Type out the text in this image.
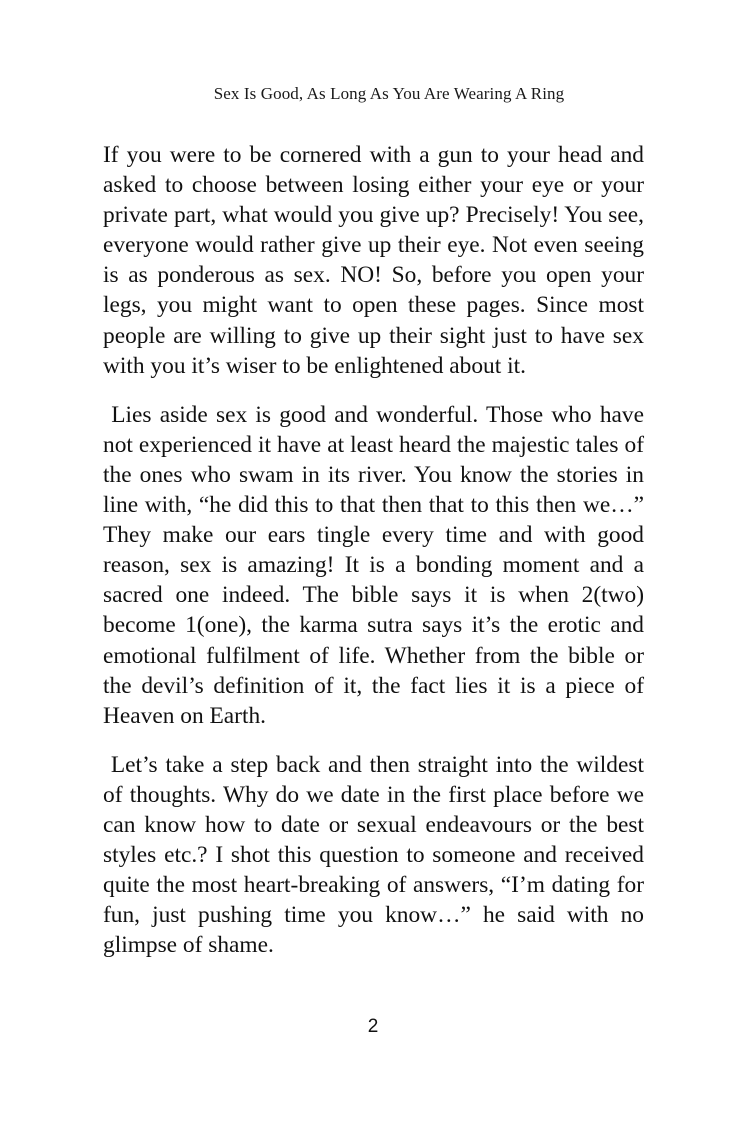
Sex Is Good, As Long As You Are Wearing A Ring

If you were to be cornered with a gun to your head and asked to choose between losing either your eye or your private part, what would you give up? Precisely! You see, everyone would rather give up their eye. Not even seeing is as ponderous as sex. NO! So, before you open your legs, you might want to open these pages. Since most people are willing to give up their sight just to have sex with you it’s wiser to be enlightened about it.

Lies aside sex is good and wonderful. Those who have not experienced it have at least heard the majestic tales of the ones who swam in its river. You know the stories in line with, “he did this to that then that to this then we…” They make our ears tingle every time and with good reason, sex is amazing! It is a bonding moment and a sacred one indeed. The bible says it is when 2(two) become 1(one), the karma sutra says it’s the erotic and emotional fulfilment of life. Whether from the bible or the devil’s definition of it, the fact lies it is a piece of Heaven on Earth.

Let’s take a step back and then straight into the wildest of thoughts. Why do we date in the first place before we can know how to date or sexual endeavours or the best styles etc.? I shot this question to someone and received quite the most heart-breaking of answers, “I’m dating for fun, just pushing time you know…” he said with no glimpse of shame.

2
